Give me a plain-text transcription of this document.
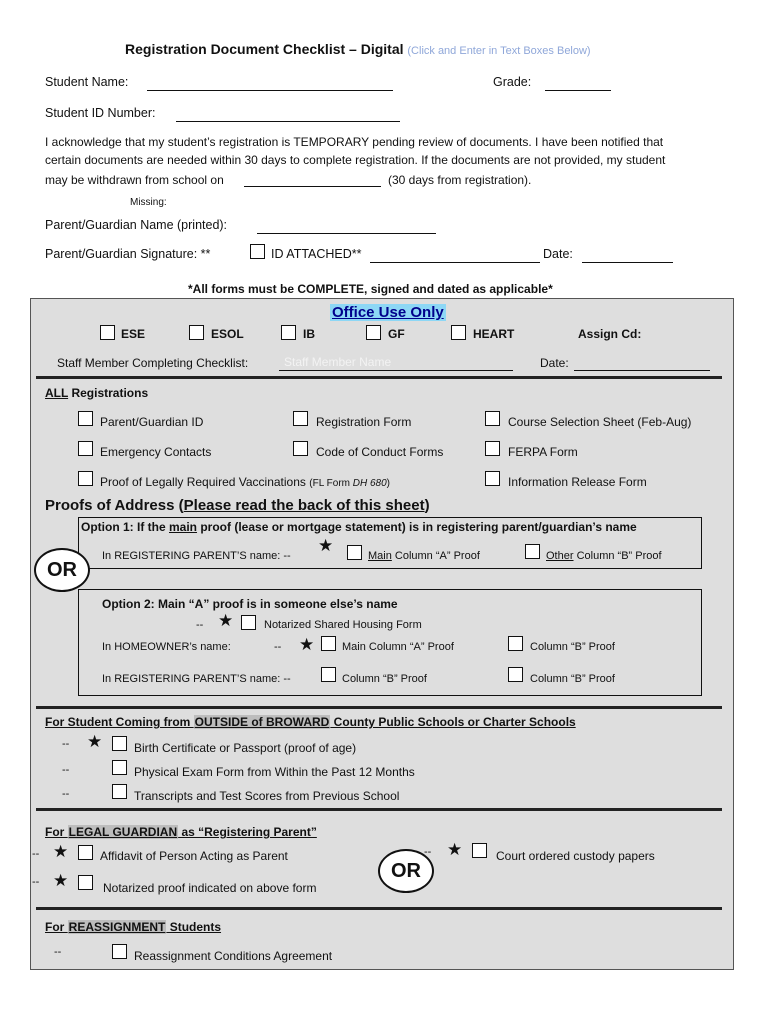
Registration Document Checklist – Digital (Click and Enter in Text Boxes Below)
Student Name:	Grade:
Student ID Number:
I acknowledge that my student’s registration is TEMPORARY pending review of documents. I have been notified that
certain documents are needed within 30 days to complete registration. If the documents are not provided, my student
may be withdrawn from school on	(30 days from registration).
Missing:
Parent/Guardian Name (printed):
Parent/Guardian Signature: **	ID ATTACHED**	Date:
*All forms must be COMPLETE, signed and dated as applicable*
Office Use Only
ESE	ESOL	IB	GF	HEART	Assign Cd:
Staff Member Completing Checklist:	Staff Member Name	Date:
ALL Registrations
Parent/Guardian ID	Registration Form	Course Selection Sheet (Feb-Aug)
Emergency Contacts	Code of Conduct Forms	FERPA Form
Proof of Legally Required Vaccinations (FL Form DH 680)	Information Release Form
Proofs of Address (Please read the back of this sheet)
Option 1: If the main proof (lease or mortgage statement) is in registering parent/guardian’s name
In REGISTERING PARENT’S name: -- ★	Main Column “A” Proof	Other Column “B” Proof
OR
Option 2: Main “A” proof is in someone else’s name
-- ★	Notarized Shared Housing Form
In HOMEOWNER’s name:	-- ★	Main Column “A” Proof	Column “B” Proof
In REGISTERING PARENT’S name: --	Column “B” Proof	Column “B” Proof
For Student Coming from OUTSIDE of BROWARD County Public Schools or Charter Schools
-- ★	Birth Certificate or Passport (proof of age)
--	Physical Exam Form from Within the Past 12 Months
--	Transcripts and Test Scores from Previous School
For LEGAL GUARDIAN as “Registering Parent”
-- ★	Affidavit of Person Acting as Parent
-- ★	Notarized proof indicated on above form
OR
-- ★	Court ordered custody papers
For REASSIGNMENT Students
--	Reassignment Conditions Agreement
